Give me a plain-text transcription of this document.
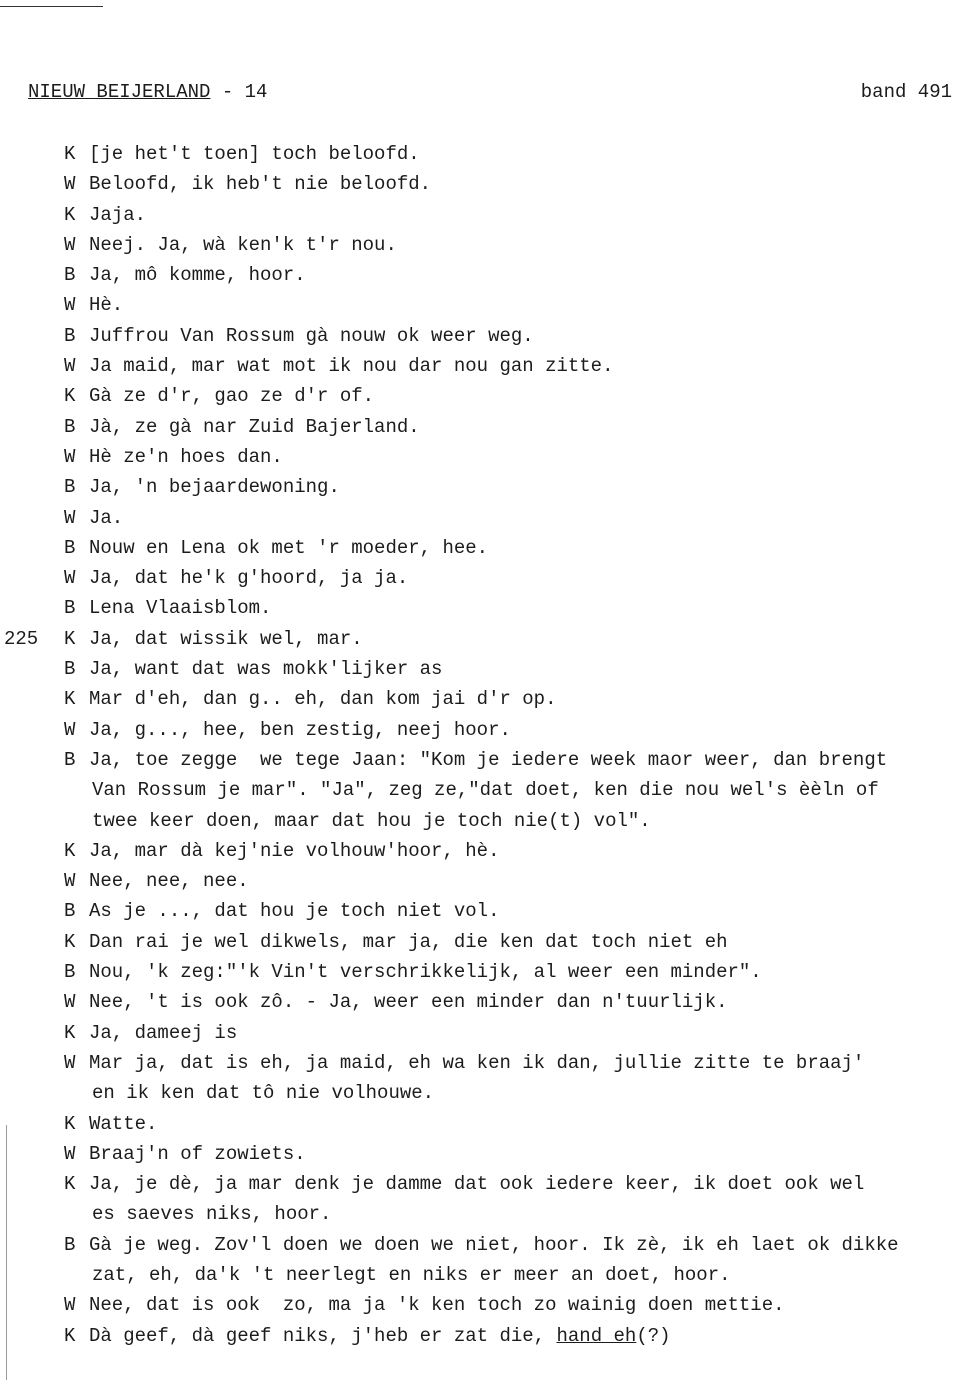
NIEUW BEIJERLAND - 14	band 491
K [je het't toen] toch beloofd.
W Beloofd, ik heb't nie beloofd.
K Jaja.
W Neej. Ja, wà ken'k t'r nou.
B Ja, mô komme, hoor.
W Hè.
B Juffrou Van Rossum gà nouw ok weer weg.
W Ja maid, mar wat mot ik nou dar nou gan zitte.
K Gà ze d'r, gao ze d'r of.
B Jà, ze gà nar Zuid Bajerland.
W Hè ze'n hoes dan.
B Ja, 'n bejaardewoning.
W Ja.
B Nouw en Lena ok met 'r moeder, hee.
W Ja, dat he'k g'hoord, ja ja.
B Lena Vlaaisblom.
225 K Ja, dat wissik wel, mar.
B Ja, want dat was mokk'lijker as
K Mar d'eh, dan g.. eh, dan kom jai d'r op.
W Ja, g..., hee, ben zestig, neej hoor.
B Ja, toe zegge  we tege Jaan: "Kom je iedere week maor weer, dan brengt
Van Rossum je mar". "Ja", zeg ze,"dat doet, ken die nou wel's èèln of
twee keer doen, maar dat hou je toch nie(t) vol".
K Ja, mar dà kej'nie volhouw'hoor, hè.
W Nee, nee, nee.
B As je ..., dat hou je toch niet vol.
K Dan rai je wel dikwels, mar ja, die ken dat toch niet eh
B Nou, 'k zeg:"'k Vin't verschrikkelijk, al weer een minder".
W Nee, 't is ook zô. - Ja, weer een minder dan n'tuurlijk.
K Ja, dameej is
W Mar ja, dat is eh, ja maid, eh wa ken ik dan, jullie zitte te braaj'
en ik ken dat tô nie volhouwe.
K Watte.
W Braaj'n of zowiets.
K Ja, je dè, ja mar denk je damme dat ook iedere keer, ik doet ook wel
es saeves niks, hoor.
B Gà je weg. Zov'l doen we doen we niet, hoor. Ik zè, ik eh laet ok dikke
zat, eh, da'k 't neerlegt en niks er meer an doet, hoor.
W Nee, dat is ook  zo, ma ja 'k ken toch zo wainig doen mettie.
K Dà geef, dà geef niks, j'heb er zat die, hand eh(?)
